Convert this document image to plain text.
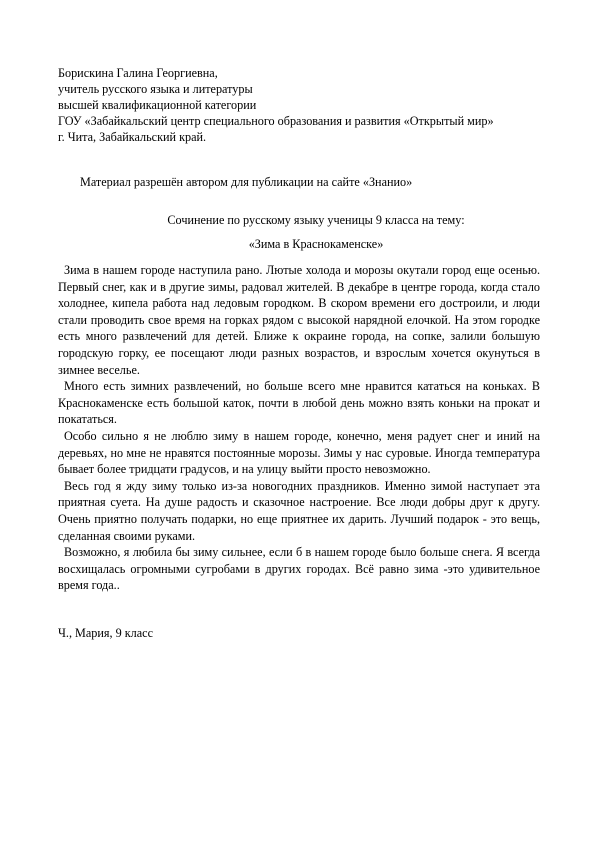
Борискина Галина Георгиевна,
учитель русского языка и литературы
высшей квалификационной категории
ГОУ «Забайкальский центр специального образования и развития «Открытый мир»
г. Чита, Забайкальский край.
Материал разрешён автором для публикации на сайте «Знанио»
Сочинение по русскому языку ученицы 9 класса на тему:
«Зима в Краснокаменске»

Зима в нашем городе наступила рано. Лютые холода и морозы окутали город еще осенью. Первый снег, как и в другие зимы, радовал жителей. В декабре в центре города, когда стало холоднее, кипела работа над ледовым городком. В скором времени его достроили, и люди стали проводить свое время на горках рядом с высокой нарядной елочкой. На этом городке есть много развлечений для детей. Ближе к окраине города, на сопке, залили большую городскую горку, ее посещают люди разных возрастов, и взрослым хочется окунуться в зимнее веселье.

Много есть зимних развлечений, но больше всего мне нравится кататься на коньках. В Краснокаменске есть большой каток, почти в любой день можно взять коньки на прокат и покататься.

Особо сильно я не люблю зиму в нашем городе, конечно, меня радует снег и иний на деревьях, но мне не нравятся постоянные морозы. Зимы у нас суровые. Иногда температура бывает более тридцати градусов, и на улицу выйти просто невозможно.

Весь год я жду зиму только из-за новогодних праздников. Именно зимой наступает эта приятная суета. На душе радость и сказочное настроение. Все люди добры друг к другу. Очень приятно получать подарки, но еще приятнее их дарить. Лучший подарок - это вещь, сделанная своими руками.

Возможно, я любила бы зиму сильнее, если б в нашем городе было больше снега. Я всегда восхищалась огромными сугробами в других городах. Всё равно зима -это удивительное время года..

Ч., Мария, 9 класс
